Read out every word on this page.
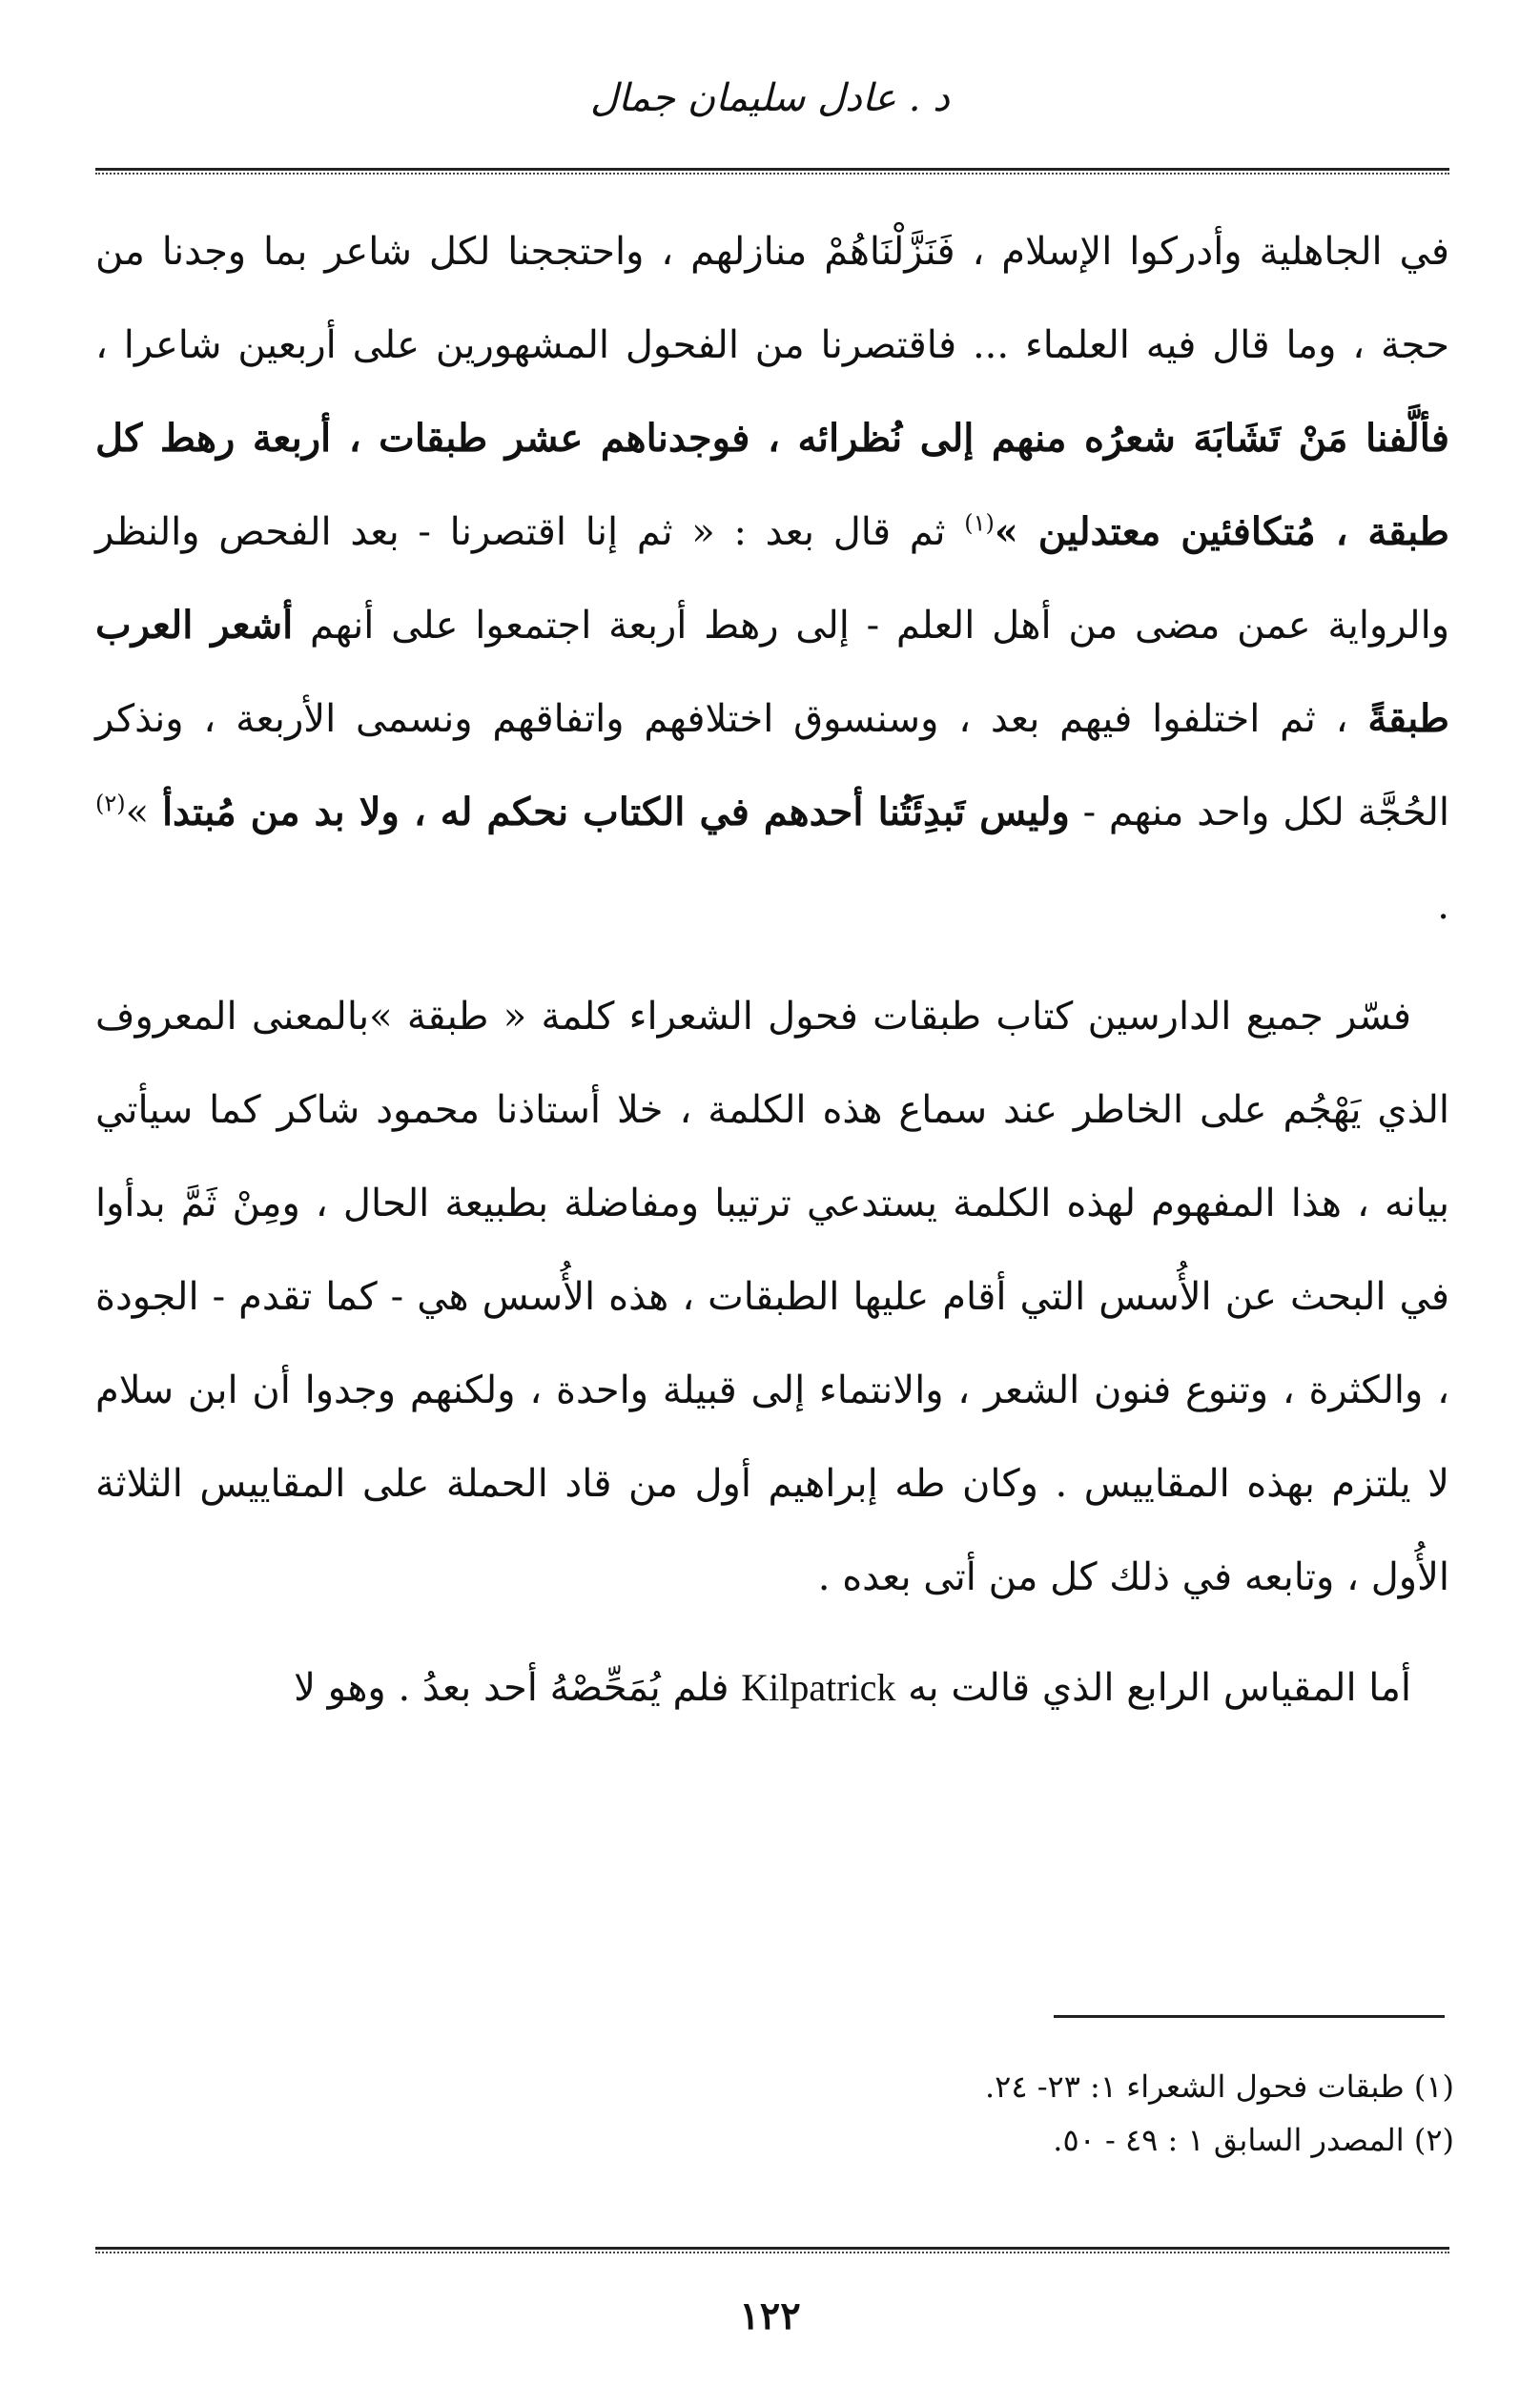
د . عادل سليمان جمال

في الجاهلية وأدركوا الإسلام ، فَنَزَّلْنَاهُمْ منازلهم ، واحتججنا لكل شاعر بما وجدنا من حجة ، وما قال فيه العلماء ... فاقتصرنا من الفحول المشهورين على أربعين شاعرا ، فألَّفنا مَنْ تَشَابَهَ شعرُه منهم إلى نُظرائه ، فوجدناهم عشر طبقات ، أربعة رهط كل طبقة ، مُتكافئين معتدلين »$^{(١)}$ ثم قال بعد : « ثم إنا اقتصرنا - بعد الفحص والنظر والرواية عمن مضى من أهل العلم - إلى رهط أربعة اجتمعوا على أنهم أشعر العرب طبقةً ، ثم اختلفوا فيهم بعد ، وسنسوق اختلافهم واتفاقهم ونسمى الأربعة ، ونذكر الحُجَّة لكل واحد منهم - وليس تَبدِئَتُنا أحدهم في الكتاب نحكم له ، ولا بد من مُبتدأ »$^{(٢)}$ .

فسّر جميع الدارسين كتاب طبقات فحول الشعراء كلمة « طبقة »بالمعنى المعروف الذي يَهْجُم على الخاطر عند سماع هذه الكلمة ، خلا أستاذنا محمود شاكر كما سيأتي بيانه ، هذا المفهوم لهذه الكلمة يستدعي ترتيبا ومفاضلة بطبيعة الحال ، ومِنْ ثَمَّ بدأوا في البحث عن الأُسس التي أقام عليها الطبقات ، هذه الأُسس هي - كما تقدم - الجودة ، والكثرة ، وتنوع فنون الشعر ، والانتماء إلى قبيلة واحدة ، ولكنهم وجدوا أن ابن سلام لا يلتزم بهذه المقاييس . وكان طه إبراهيم أول من قاد الحملة على المقاييس الثلاثة الأُول ، وتابعه في ذلك كل من أتى بعده .

أما المقياس الرابع الذي قالت به Kilpatrick فلم يُمَحِّصْهُ أحد بعدُ . وهو لا

(١) طبقات فحول الشعراء ١: ٢٣- ٢٤.

(٢) المصدر السابق ١ : ٤٩ - ٥٠.

١٢٢
